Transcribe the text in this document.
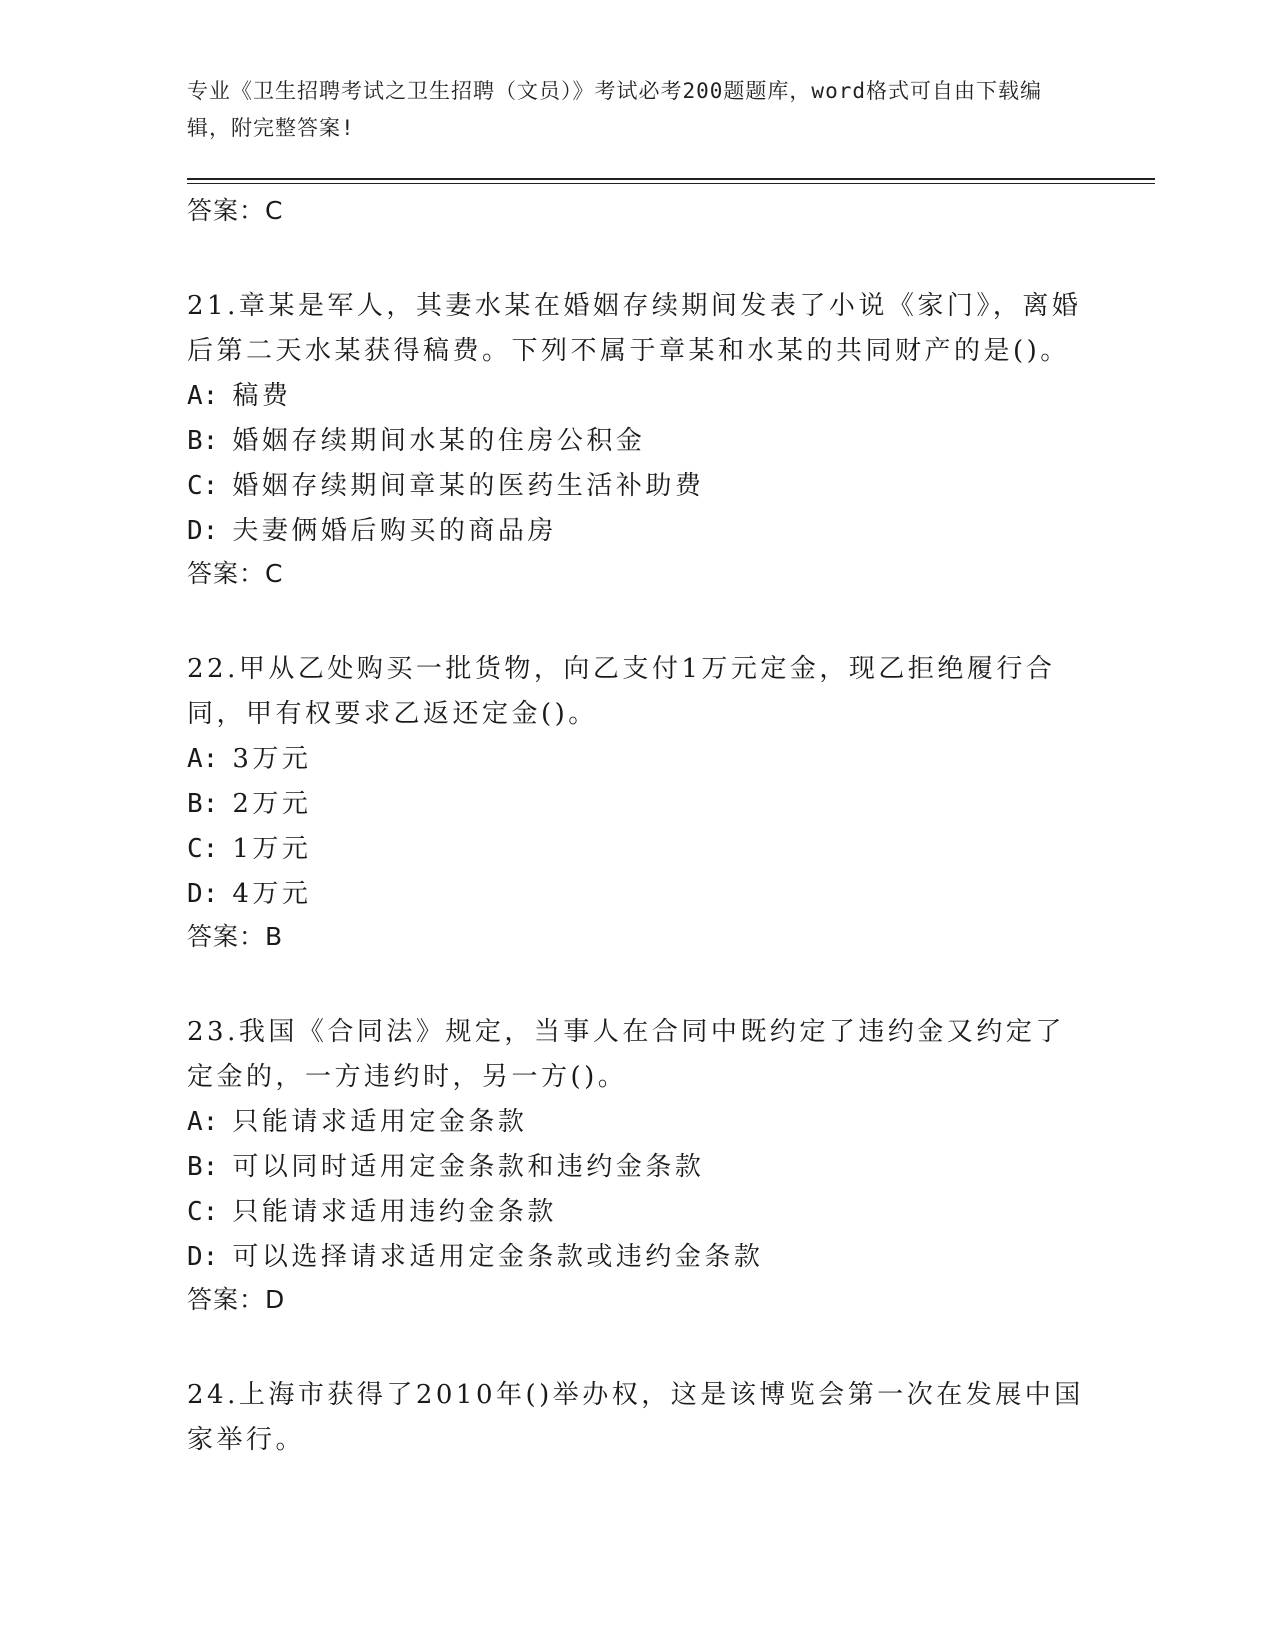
专业《卫生招聘考试之卫生招聘（文员）》考试必考200题题库，word格式可自由下载编辑，附完整答案!

答案：C

21.章某是军人，其妻水某在婚姻存续期间发表了小说《家门》，离婚后第二天水某获得稿费。下列不属于章某和水某的共同财产的是()。

A: 稿费

B: 婚姻存续期间水某的住房公积金

C: 婚姻存续期间章某的医药生活补助费

D: 夫妻俩婚后购买的商品房

答案：C

22.甲从乙处购买一批货物，向乙支付1万元定金，现乙拒绝履行合同，甲有权要求乙返还定金()。

A: 3万元

B: 2万元

C: 1万元

D: 4万元

答案：B

23.我国《合同法》规定，当事人在合同中既约定了违约金又约定了定金的，一方违约时，另一方()。

A: 只能请求适用定金条款

B: 可以同时适用定金条款和违约金条款

C: 只能请求适用违约金条款

D: 可以选择请求适用定金条款或违约金条款

答案：D

24.上海市获得了2010年()举办权，这是该博览会第一次在发展中国家举行。
